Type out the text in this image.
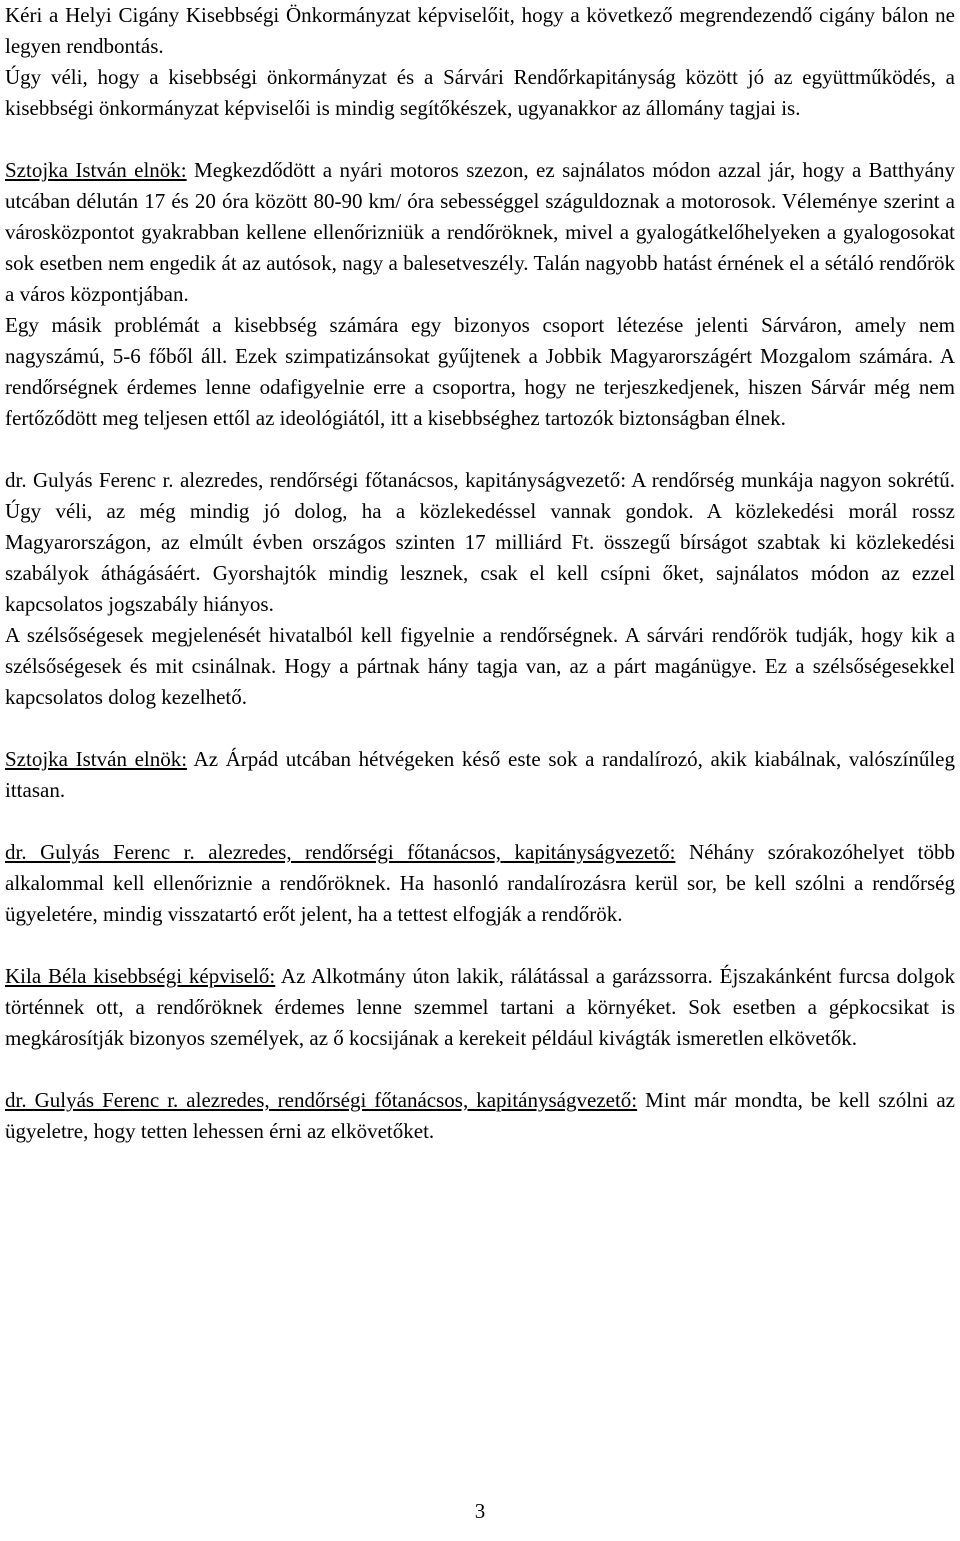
Kéri a Helyi Cigány Kisebbségi Önkormányzat képviselőit, hogy a következő megrendezendő cigány bálon ne legyen rendbontás.

Úgy véli, hogy a kisebbségi önkormányzat és a Sárvári Rendőrkapitányság között jó az együttműködés, a kisebbségi önkormányzat képviselői is mindig segítőkészek, ugyanakkor az állomány tagjai is.

Sztojka István elnök: Megkezdődött a nyári motoros szezon, ez sajnálatos módon azzal jár, hogy a Batthyány utcában délután 17 és 20 óra között 80-90 km/ óra sebességgel száguldoznak a motorosok. Véleménye szerint a városközpontot gyakrabban kellene ellenőrizniük a rendőröknek, mivel a gyalogátkelőhelyeken a gyalogosokat sok esetben nem engedik át az autósok, nagy a balesetveszély. Talán nagyobb hatást érnének el a sétáló rendőrök a város központjában.

Egy másik problémát a kisebbség számára egy bizonyos csoport létezése jelenti Sárváron, amely nem nagyszámú, 5-6 főből áll. Ezek szimpatizánsokat gyűjtenek a Jobbik Magyarországért Mozgalom számára. A rendőrségnek érdemes lenne odafigyelnie erre a csoportra, hogy ne terjeszkedjenek, hiszen Sárvár még nem fertőződött meg teljesen ettől az ideológiától, itt a kisebbséghez tartozók biztonságban élnek.

dr. Gulyás Ferenc r. alezredes, rendőrségi főtanácsos, kapitányságvezető: A rendőrség munkája nagyon sokrétű. Úgy véli, az még mindig jó dolog, ha a közlekedéssel vannak gondok. A közlekedési morál rossz Magyarországon, az elmúlt évben országos szinten 17 milliárd Ft. összegű bírságot szabtak ki közlekedési szabályok áthágásáért. Gyorshajtók mindig lesznek, csak el kell csípni őket, sajnálatos módon az ezzel kapcsolatos jogszabály hiányos.

A szélsőségesek megjelenését hivatalból kell figyelnie a rendőrségnek. A sárvári rendőrök tudják, hogy kik a szélsőségesek és mit csinálnak. Hogy a pártnak hány tagja van, az a párt magánügye. Ez a szélsőségesekkel kapcsolatos dolog kezelhető.

Sztojka István elnök: Az Árpád utcában hétvégeken késő este sok a randalírozó, akik kiabálnak, valószínűleg ittasan.

dr. Gulyás Ferenc r. alezredes, rendőrségi főtanácsos, kapitányságvezető: Néhány szórakozóhelyet több alkalommal kell ellenőriznie a rendőröknek. Ha hasonló randalírozásra kerül sor, be kell szólni a rendőrség ügyeletére, mindig visszatartó erőt jelent, ha a tettest elfogják a rendőrök.

Kila Béla kisebbségi képviselő: Az Alkotmány úton lakik, rálátással a garázssorra. Éjszakánként furcsa dolgok történnek ott, a rendőröknek érdemes lenne szemmel tartani a környéket. Sok esetben a gépkocsikat is megkárosítják bizonyos személyek, az ő kocsijának a kerekeit például kivágták ismeretlen elkövetők.

dr. Gulyás Ferenc r. alezredes, rendőrségi főtanácsos, kapitányságvezető: Mint már mondta, be kell szólni az ügyeletre, hogy tetten lehessen érni az elkövetőket.

3
